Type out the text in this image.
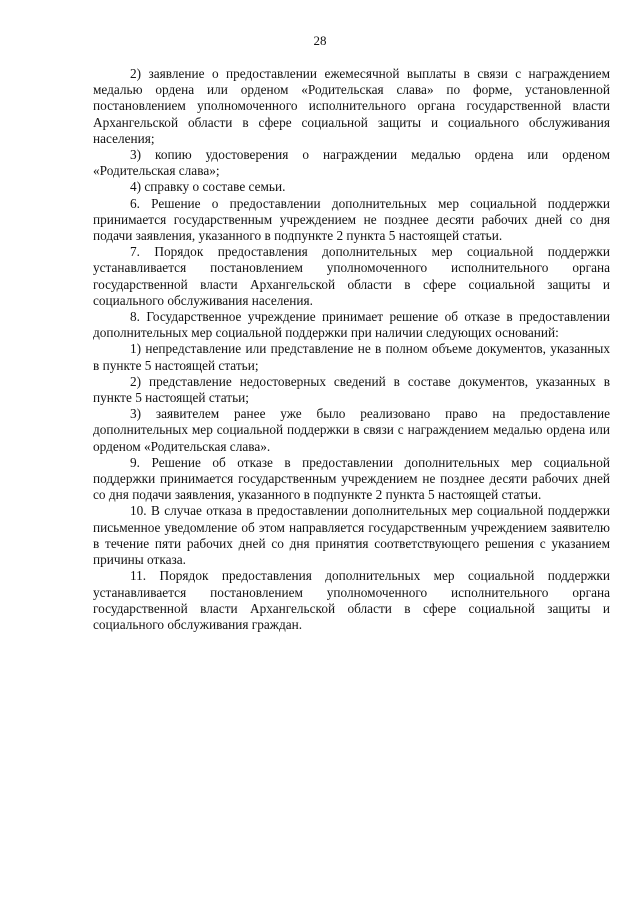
28

2) заявление о предоставлении ежемесячной выплаты в связи с награждением медалью ордена или орденом «Родительская слава» по форме, установленной постановлением уполномоченного исполнительного органа государственной власти Архангельской области в сфере социальной защиты и социального обслуживания населения;

3) копию удостоверения о награждении медалью ордена или орденом «Родительская слава»;

4) справку о составе семьи.

6. Решение о предоставлении дополнительных мер социальной поддержки принимается государственным учреждением не позднее десяти рабочих дней со дня подачи заявления, указанного в подпункте 2 пункта 5 настоящей статьи.

7. Порядок предоставления дополнительных мер социальной поддержки устанавливается постановлением уполномоченного исполнительного органа государственной власти Архангельской области в сфере социальной защиты и социального обслуживания населения.

8. Государственное учреждение принимает решение об отказе в предоставлении дополнительных мер социальной поддержки при наличии следующих оснований:

1) непредставление или представление не в полном объеме документов, указанных в пункте 5 настоящей статьи;

2) представление недостоверных сведений в составе документов, указанных в пункте 5 настоящей статьи;

3) заявителем ранее уже было реализовано право на предоставление дополнительных мер социальной поддержки в связи с награждением медалью ордена или орденом «Родительская слава».

9. Решение об отказе в предоставлении дополнительных мер социальной поддержки принимается государственным учреждением не позднее десяти рабочих дней со дня подачи заявления, указанного в подпункте 2 пункта 5 настоящей статьи.

10. В случае отказа в предоставлении дополнительных мер социальной поддержки письменное уведомление об этом направляется государственным учреждением заявителю в течение пяти рабочих дней со дня принятия соответствующего решения с указанием причины отказа.

11. Порядок предоставления дополнительных мер социальной поддержки устанавливается постановлением уполномоченного исполнительного органа государственной власти Архангельской области в сфере социальной защиты и социального обслуживания граждан.
